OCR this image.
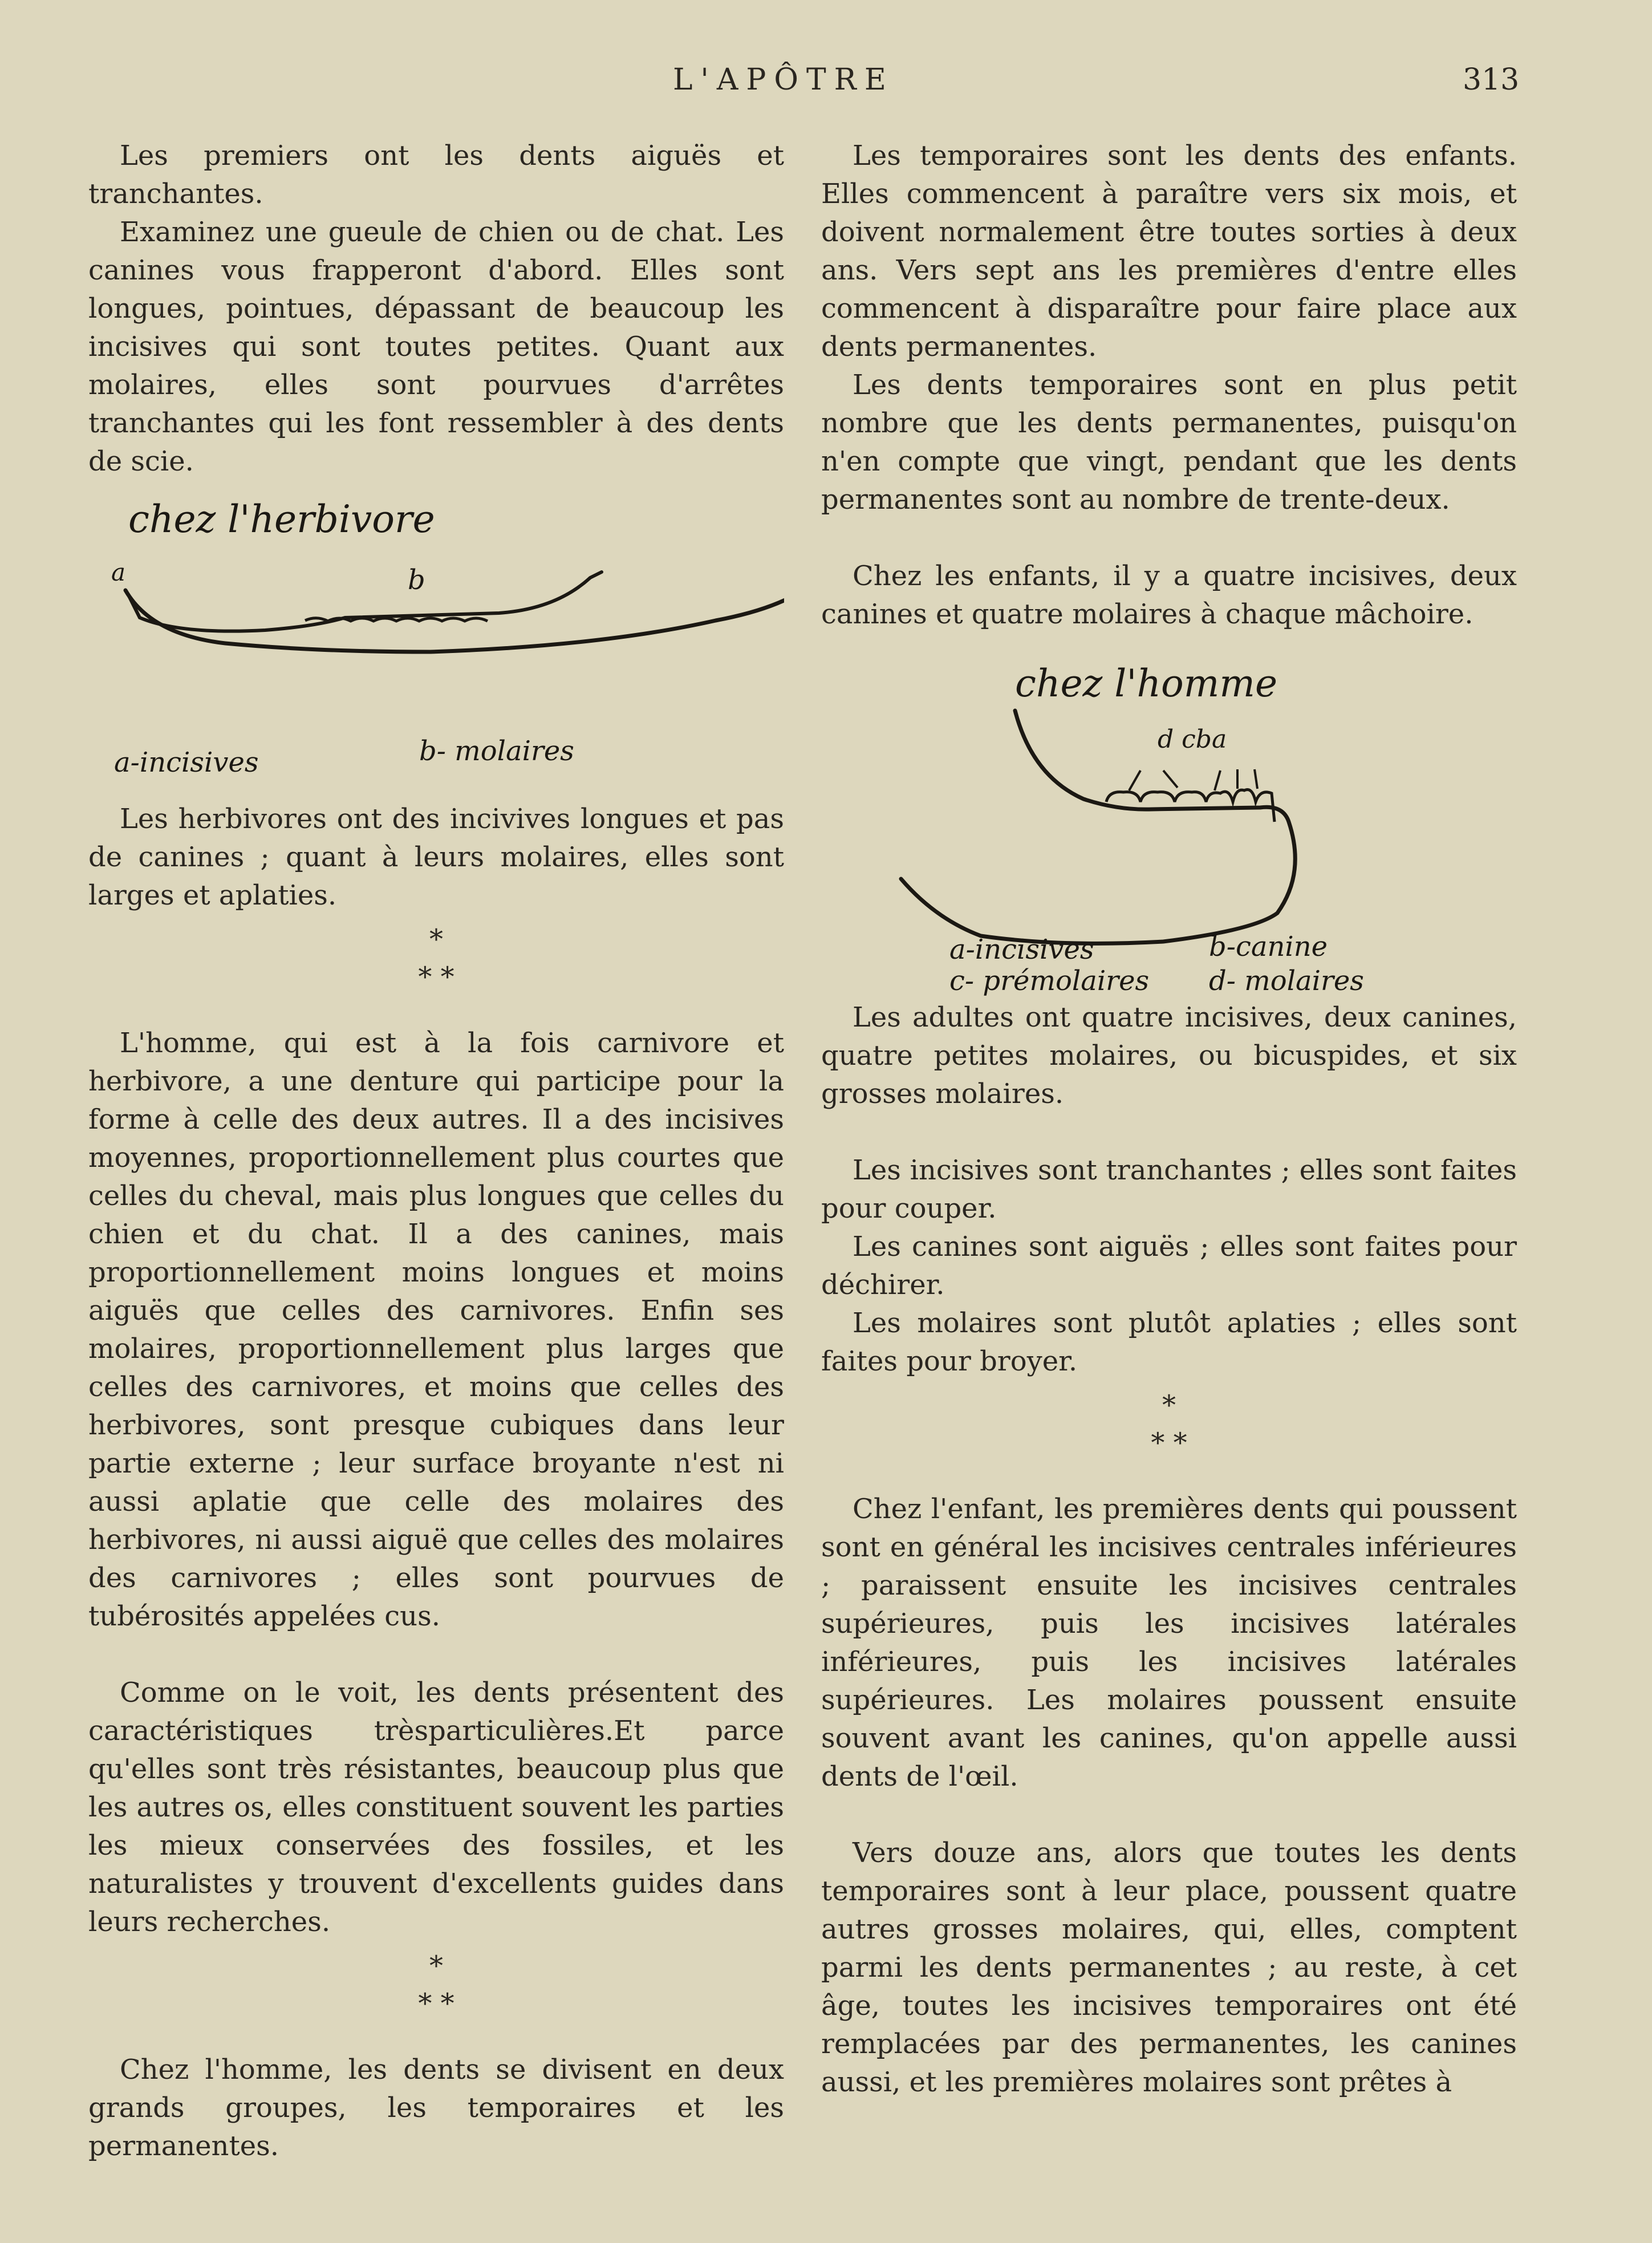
L'APÔTRE	313

Les premiers ont les dents aiguës et tranchantes.

Examinez une gueule de chien ou de chat. Les canines vous frapperont d'abord. Elles sont longues, pointues, dépassant de beaucoup les incisives qui sont toutes petites. Quant aux molaires, elles sont pourvues d'arrêtes tranchantes qui les font ressembler à des dents de scie.

chez l'herbivore
a	b
a-incisives	b- molaires

Les herbivores ont des incivives longues et pas de canines ; quant à leurs molaires, elles sont larges et aplaties.

*
* *

L'homme, qui est à la fois carnivore et herbivore, a une denture qui participe pour la forme à celle des deux autres. Il a des incisives moyennes, proportionnellement plus courtes que celles du cheval, mais plus longues que celles du chien et du chat. Il a des canines, mais proportionnellement moins longues et moins aiguës que celles des carnivores. Enfin ses molaires, proportionnellement plus larges que celles des carnivores, et moins que celles des herbivores, sont presque cubiques dans leur partie externe ; leur surface broyante n'est ni aussi aplatie que celle des molaires des herbivores, ni aussi aiguë que celles des molaires des carnivores ; elles sont pourvues de tubérosités appelées cus.

Comme on le voit, les dents présentent des caractéristiques trèsparticulières.Et parce qu'elles sont très résistantes, beaucoup plus que les autres os, elles constituent souvent les parties les mieux conservées des fossiles, et les naturalistes y trouvent d'excellents guides dans leurs recherches.

*
* *

Chez l'homme, les dents se divisent en deux grands groupes, les temporaires et les permanentes.

Les temporaires sont les dents des enfants. Elles commencent à paraître vers six mois, et doivent normalement être toutes sorties à deux ans. Vers sept ans les premières d'entre elles commencent à disparaître pour faire place aux dents permanentes.

Les dents temporaires sont en plus petit nombre que les dents permanentes, puisqu'on n'en compte que vingt, pendant que les dents permanentes sont au nombre de trente-deux.

Chez les enfants, il y a quatre incisives, deux canines et quatre molaires à chaque mâchoire.

chez l'homme
d cba
a-incisives	b-canine
c- prémolaires d- molaires

Les adultes ont quatre incisives, deux canines, quatre petites molaires, ou bicuspides, et six grosses molaires.

Les incisives sont tranchantes ; elles sont faites pour couper.

Les canines sont aiguës ; elles sont faites pour déchirer.

Les molaires sont plutôt aplaties ; elles sont faites pour broyer.

*
* *

Chez l'enfant, les premières dents qui poussent sont en général les incisives centrales inférieures ; paraissent ensuite les incisives centrales supérieures, puis les incisives latérales inférieures, puis les incisives latérales supérieures. Les molaires poussent ensuite souvent avant les canines, qu'on appelle aussi dents de l'œil.

Vers douze ans, alors que toutes les dents temporaires sont à leur place, poussent quatre autres grosses molaires, qui, elles, comptent parmi les dents permanentes ; au reste, à cet âge, toutes les incisives temporaires ont été remplacées par des permanentes, les canines aussi, et les premières molaires sont prêtes à
